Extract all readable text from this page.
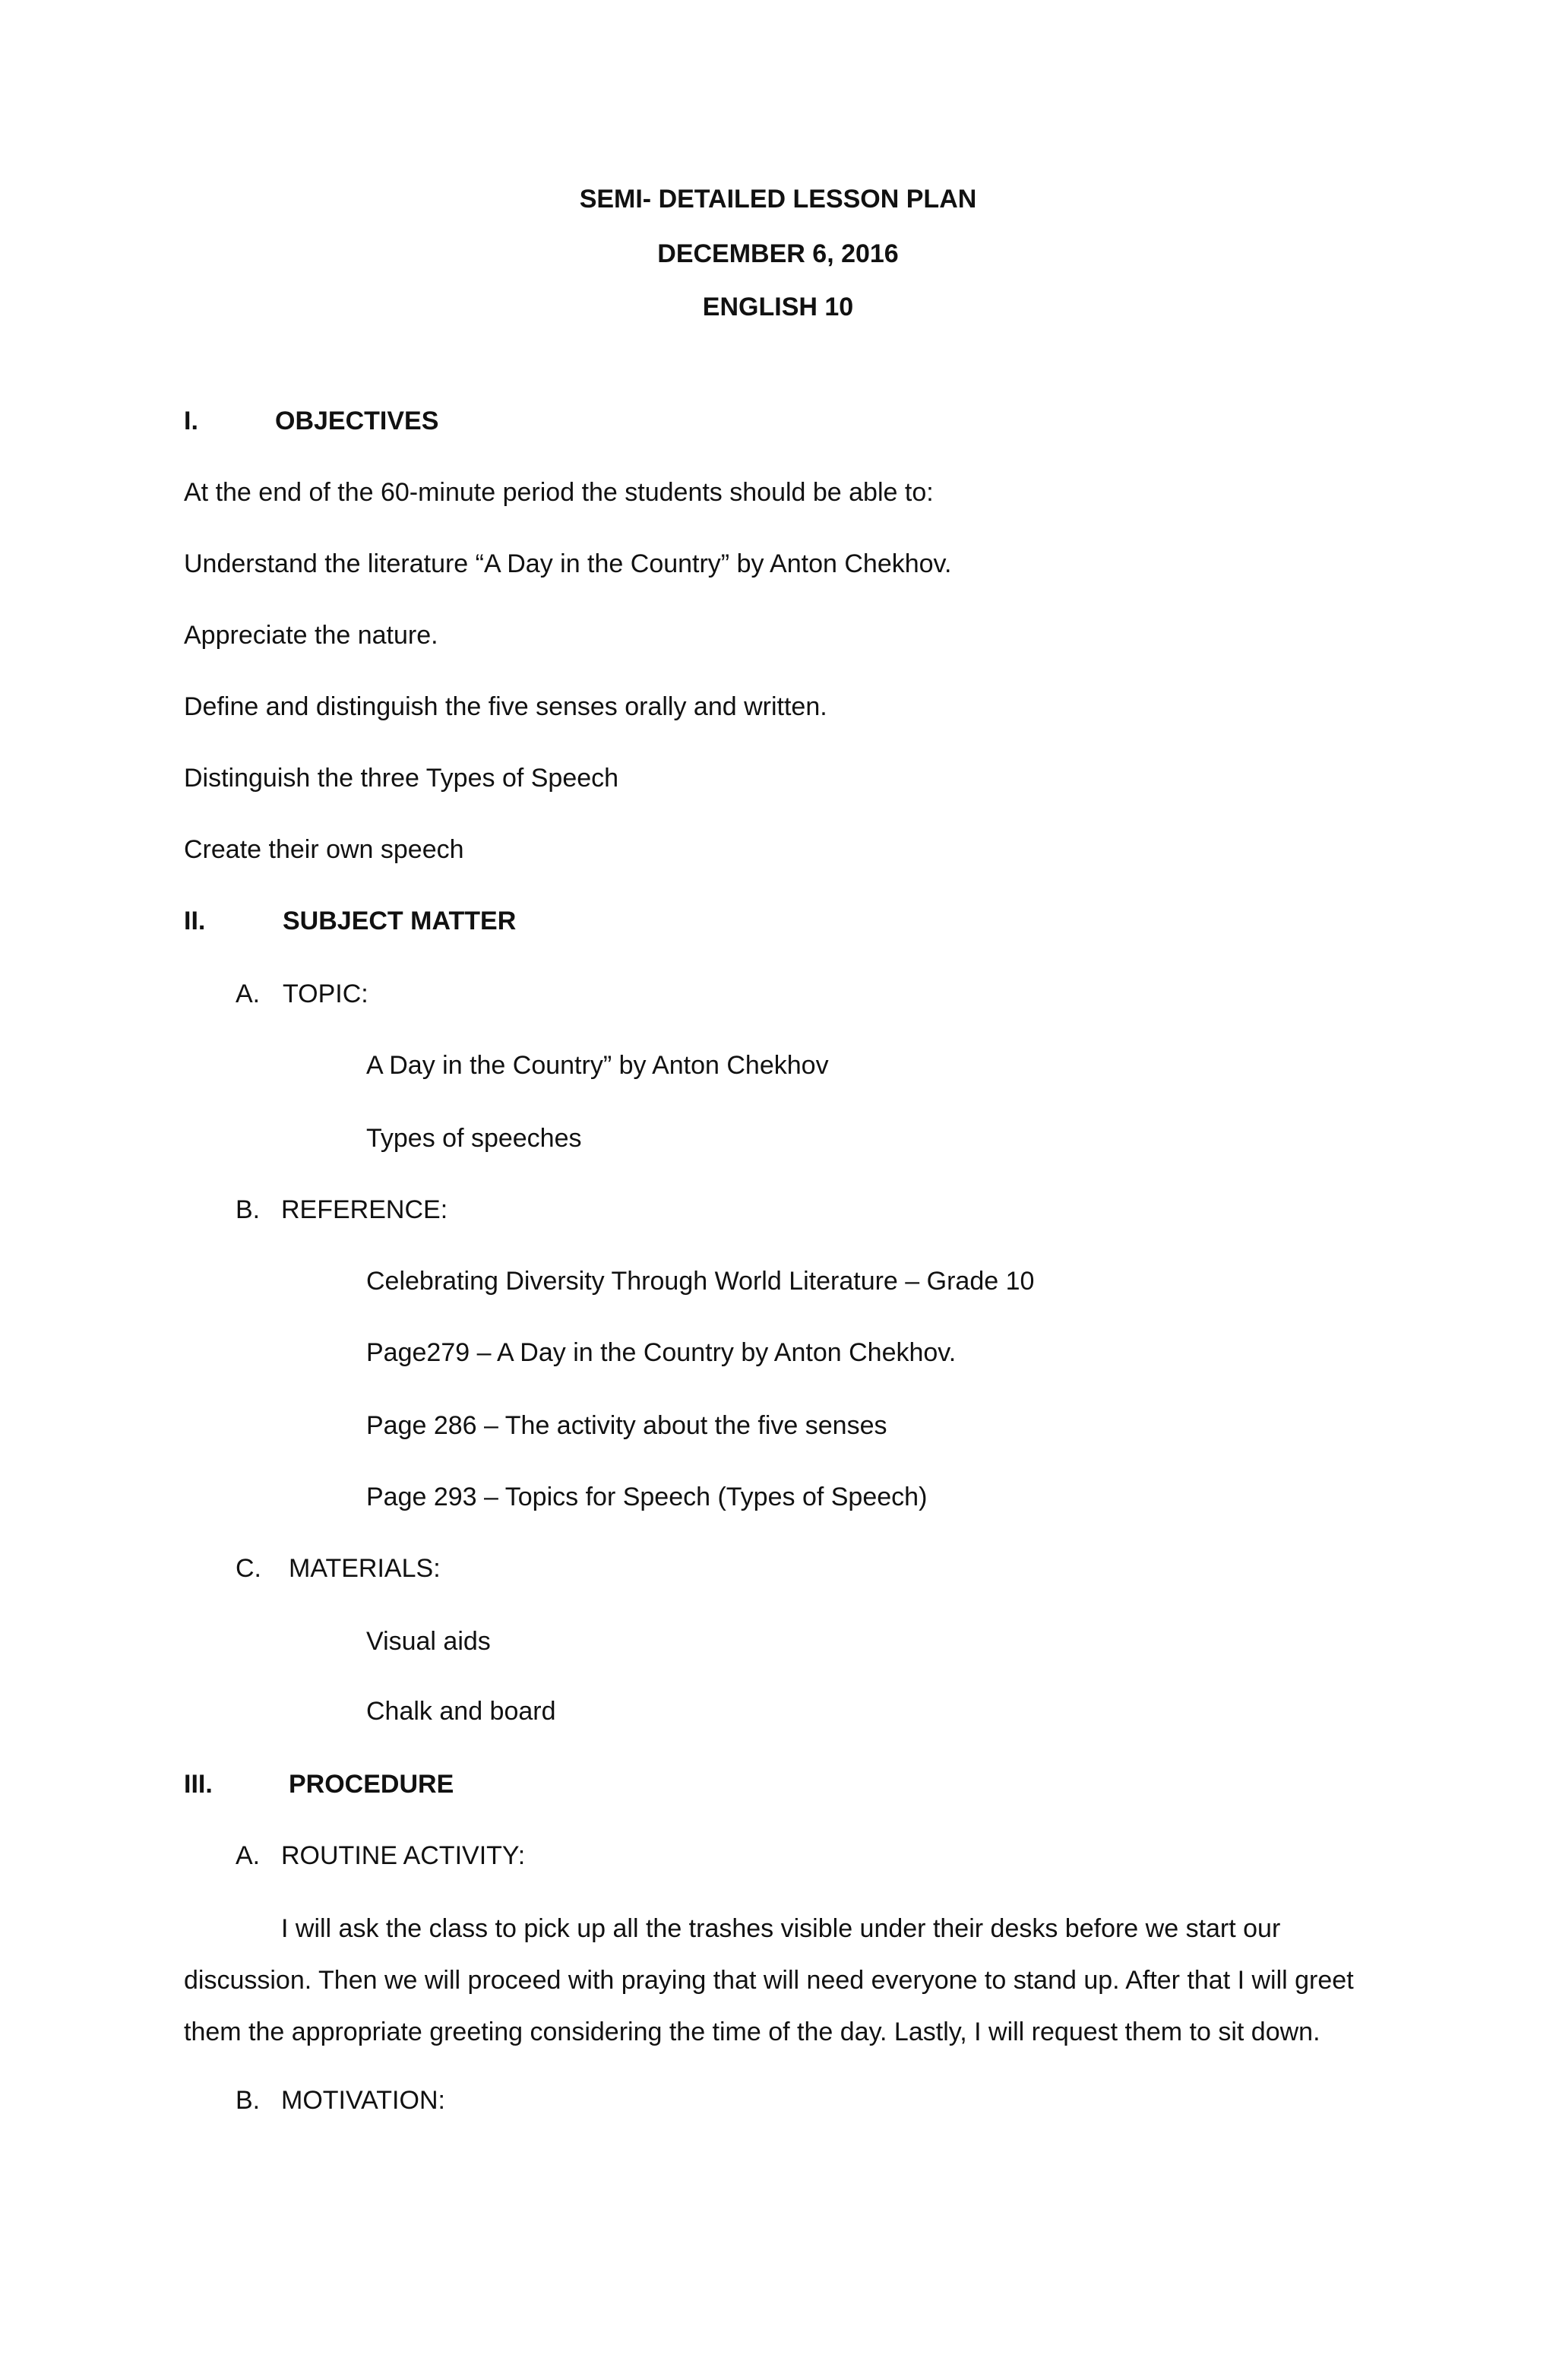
SEMI- DETAILED LESSON PLAN
DECEMBER 6, 2016
ENGLISH 10
I.	OBJECTIVES
At the end of the 60-minute period the students should be able to:
Understand the literature “A Day in the Country” by Anton Chekhov.
Appreciate the nature.
Define and distinguish the five senses orally and written.
Distinguish the three Types of Speech
Create their own speech
II.	SUBJECT MATTER
A. TOPIC:
A Day in the Country” by Anton Chekhov
Types of speeches
B. REFERENCE:
Celebrating Diversity Through World Literature – Grade 10
Page279 – A Day in the Country by Anton Chekhov.
Page 286 – The activity about the five senses
Page 293 – Topics for Speech (Types of Speech)
C. MATERIALS:
Visual aids
Chalk and board
III.	PROCEDURE
A. ROUTINE ACTIVITY:
I will ask the class to pick up all the trashes visible under their desks before we start our discussion. Then we will proceed with praying that will need everyone to stand up. After that I will greet them the appropriate greeting considering the time of the day. Lastly, I will request them to sit down.
B. MOTIVATION:
